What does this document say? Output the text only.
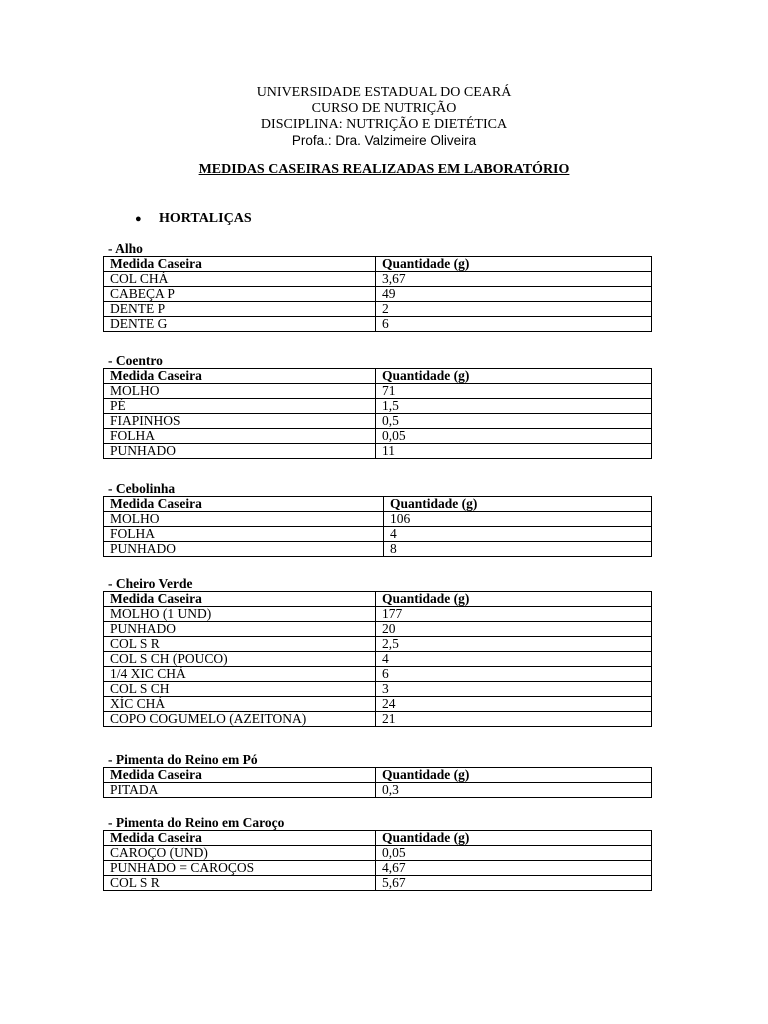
UNIVERSIDADE ESTADUAL DO CEARÁ
CURSO DE NUTRIÇÃO
DISCIPLINA: NUTRIÇÃO E DIETÉTICA
Profa.: Dra. Valzimeire Oliveira
MEDIDAS CASEIRAS REALIZADAS EM LABORATÓRIO
● HORTALIÇAS
- Alho
Medida Caseira	Quantidade (g)
COL CHÁ	3,67
CABEÇA P	49
DENTE P	2
DENTE G	6
- Coentro
Medida Caseira	Quantidade (g)
MOLHO	71
PÉ	1,5
FIAPINHOS	0,5
FOLHA	0,05
PUNHADO	11
- Cebolinha
Medida Caseira	Quantidade (g)
MOLHO	106
FOLHA	4
PUNHADO	8
- Cheiro Verde
Medida Caseira	Quantidade (g)
MOLHO (1 UND)	177
PUNHADO	20
COL S R	2,5
COL S CH (POUCO)	4
1/4 XIC CHÁ	6
COL S CH	3
XÍC CHÁ	24
COPO COGUMELO (AZEITONA)	21
- Pimenta do Reino em Pó
Medida Caseira	Quantidade (g)
PITADA	0,3
- Pimenta do Reino em Caroço
Medida Caseira	Quantidade (g)
CAROÇO (UND)	0,05
PUNHADO = CAROÇOS	4,67
COL S R	5,67
